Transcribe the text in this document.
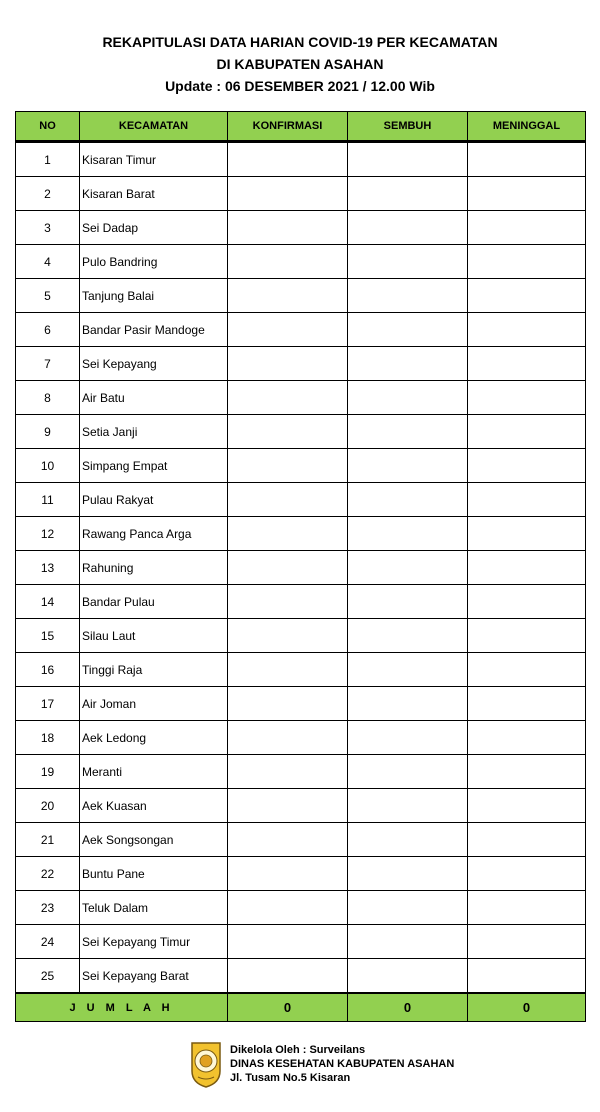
REKAPITULASI DATA HARIAN COVID-19 PER KECAMATAN
DI KABUPATEN ASAHAN
Update : 06 DESEMBER 2021 / 12.00 Wib
NO	KECAMATAN	KONFIRMASI	SEMBUH	MENINGGAL
1	Kisaran Timur			
2	Kisaran Barat			
3	Sei Dadap			
4	Pulo Bandring			
5	Tanjung Balai			
6	Bandar Pasir Mandoge			
7	Sei Kepayang			
8	Air Batu			
9	Setia Janji			
10	Simpang Empat			
11	Pulau Rakyat			
12	Rawang Panca Arga			
13	Rahuning			
14	Bandar Pulau			
15	Silau Laut			
16	Tinggi Raja			
17	Air Joman			
18	Aek Ledong			
19	Meranti			
20	Aek Kuasan			
21	Aek Songsongan			
22	Buntu Pane			
23	Teluk Dalam			
24	Sei Kepayang Timur			
25	Sei Kepayang Barat			
J U M L A H		0	0	0
Dikelola Oleh : Surveilans
DINAS KESEHATAN KABUPATEN ASAHAN
Jl. Tusam No.5 Kisaran
